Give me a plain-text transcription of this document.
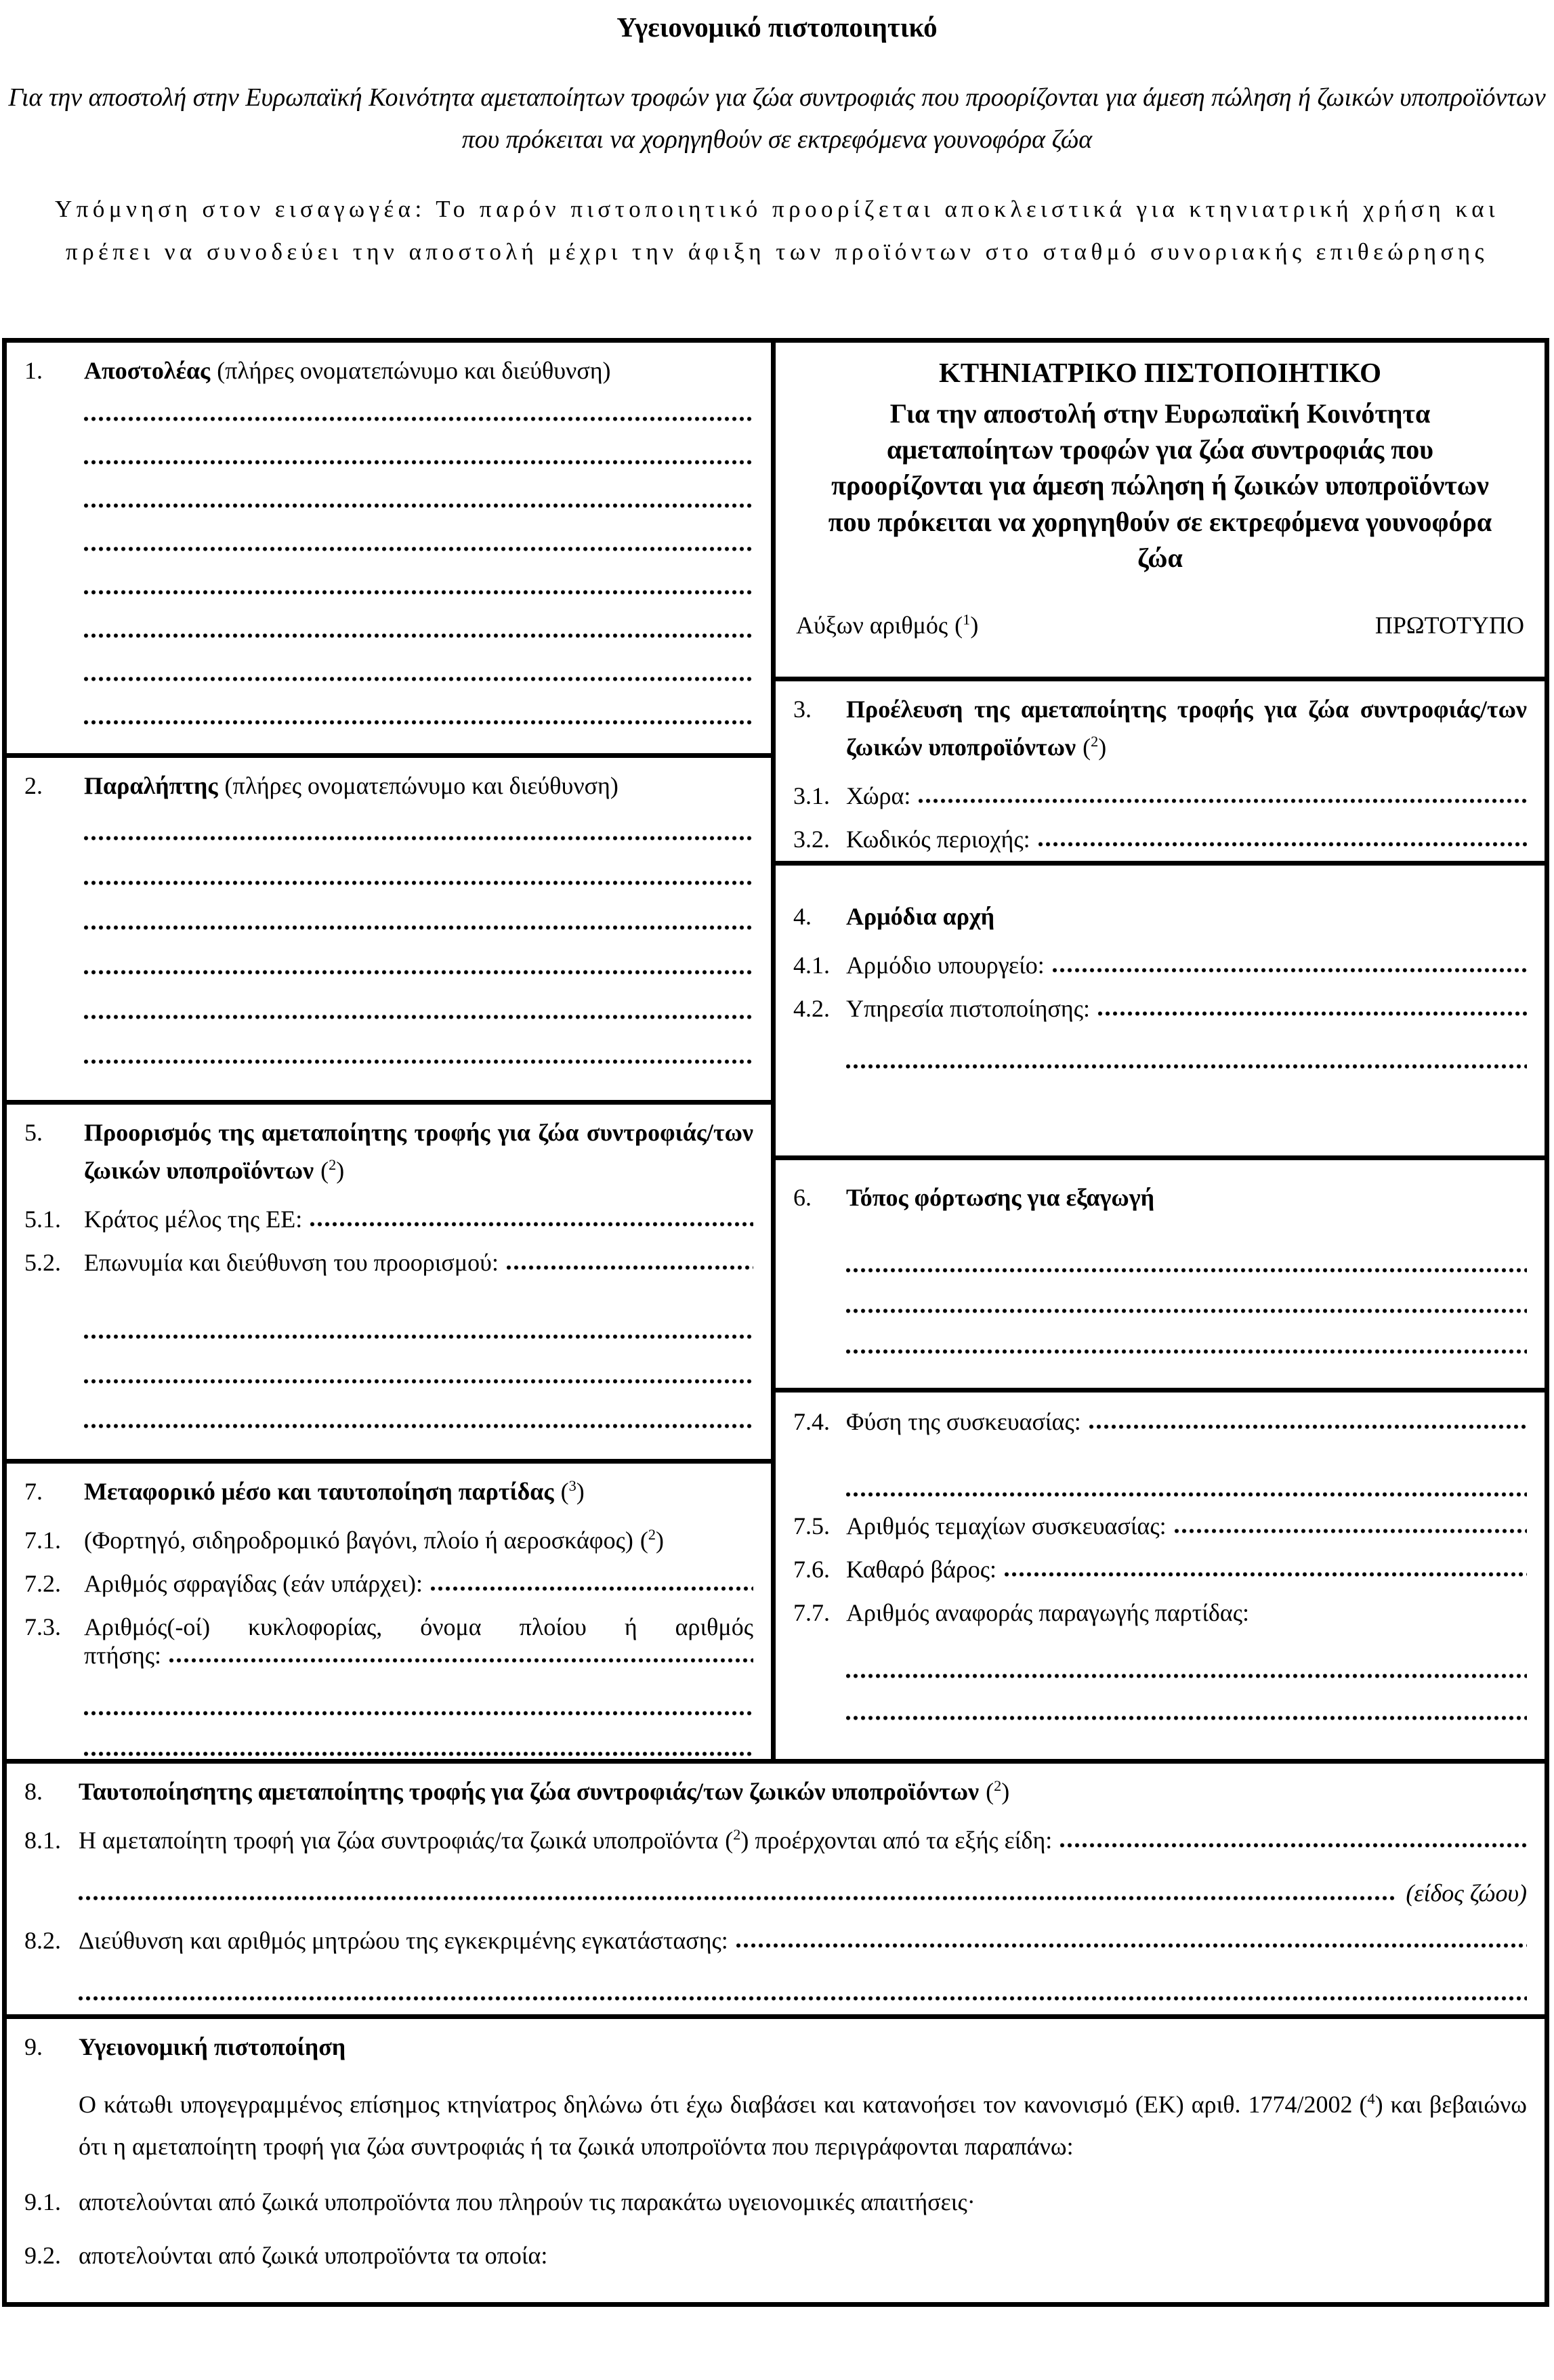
Υγειονομικό πιστοποιητικό
Για την αποστολή στην Ευρωπαϊκή Κοινότητα αμεταποίητων τροφών για ζώα συντροφιάς που προορίζονται για άμεση πώληση ή ζωικών υποπροϊόντων που πρόκειται να χορηγηθούν σε εκτρεφόμενα γουνοφόρα ζώα
Υπόμνηση στον εισαγωγέα: Το παρόν πιστοποιητικό προορίζεται αποκλειστικά για κτηνιατρική χρήση και πρέπει να συνοδεύει την αποστολή μέχρι την άφιξη των προϊόντων στο σταθμό συνοριακής επιθεώρησης
1.	Αποστολέας (πλήρες ονοματεπώνυμο και διεύθυνση)
2.	Παραλήπτης (πλήρες ονοματεπώνυμο και διεύθυνση)
5.	Προορισμός της αμεταποίητης τροφής για ζώα συντροφιάς/των ζωικών υποπροϊόντων ($^2$)
5.1. Κράτος μέλος της ΕΕ:
5.2. Επωνυμία και διεύθυνση του προορισμού:
7.	Μεταφορικό μέσο και ταυτοποίηση παρτίδας ($^3$)
7.1. (Φορτηγό, σιδηροδρομικό βαγόνι, πλοίο ή αεροσκάφος) ($^2$)
7.2. Αριθμός σφραγίδας (εάν υπάρχει):
7.3. Αριθμός(-οί) κυκλοφορίας, όνομα πλοίου ή αριθμός
πτήσης:
ΚΤΗΝΙΑΤΡΙΚΟ ΠΙΣΤΟΠΟΙΗΤΙΚΟ
Για την αποστολή στην Ευρωπαϊκή Κοινότητα αμεταποίητων τροφών για ζώα συντροφιάς που προορίζονται για άμεση πώληση ή ζωικών υποπροϊόντων που πρόκειται να χορηγηθούν σε εκτρεφόμενα γουνοφόρα ζώα
Αύξων αριθμός ($^1$)	ΠΡΩΤΟΤΥΠΟ
3.	Προέλευση της αμεταποίητης τροφής για ζώα συντροφιάς/των ζωικών υποπροϊόντων ($^2$)
3.1. Χώρα:
3.2. Κωδικός περιοχής:
4.	Αρμόδια αρχή
4.1. Αρμόδιο υπουργείο:
4.2. Υπηρεσία πιστοποίησης:
6.	Τόπος φόρτωσης για εξαγωγή
7.4. Φύση της συσκευασίας:
7.5. Αριθμός τεμαχίων συσκευασίας:
7.6. Καθαρό βάρος:
7.7. Αριθμός αναφοράς παραγωγής παρτίδας:
8.	Ταυτοποίησητης αμεταποίητης τροφής για ζώα συντροφιάς/των ζωικών υποπροϊόντων ($^2$)
8.1. Η αμεταποίητη τροφή για ζώα συντροφιάς/τα ζωικά υποπροϊόντα ($^2$) προέρχονται από τα εξής είδη:
(είδος ζώου)
8.2. Διεύθυνση και αριθμός μητρώου της εγκεκριμένης εγκατάστασης:
9.	Υγειονομική πιστοποίηση
Ο κάτωθι υπογεγραμμένος επίσημος κτηνίατρος δηλώνω ότι έχω διαβάσει και κατανοήσει τον κανονισμό (ΕΚ) αριθ. 1774/2002 ($^4$) και βεβαιώνω ότι η αμεταποίητη τροφή για ζώα συντροφιάς ή τα ζωικά υποπροϊόντα που περιγράφονται παραπάνω:
9.1. αποτελούνται από ζωικά υποπροϊόντα που πληρούν τις παρακάτω υγειονομικές απαιτήσεις·
9.2. αποτελούνται από ζωικά υποπροϊόντα τα οποία:
